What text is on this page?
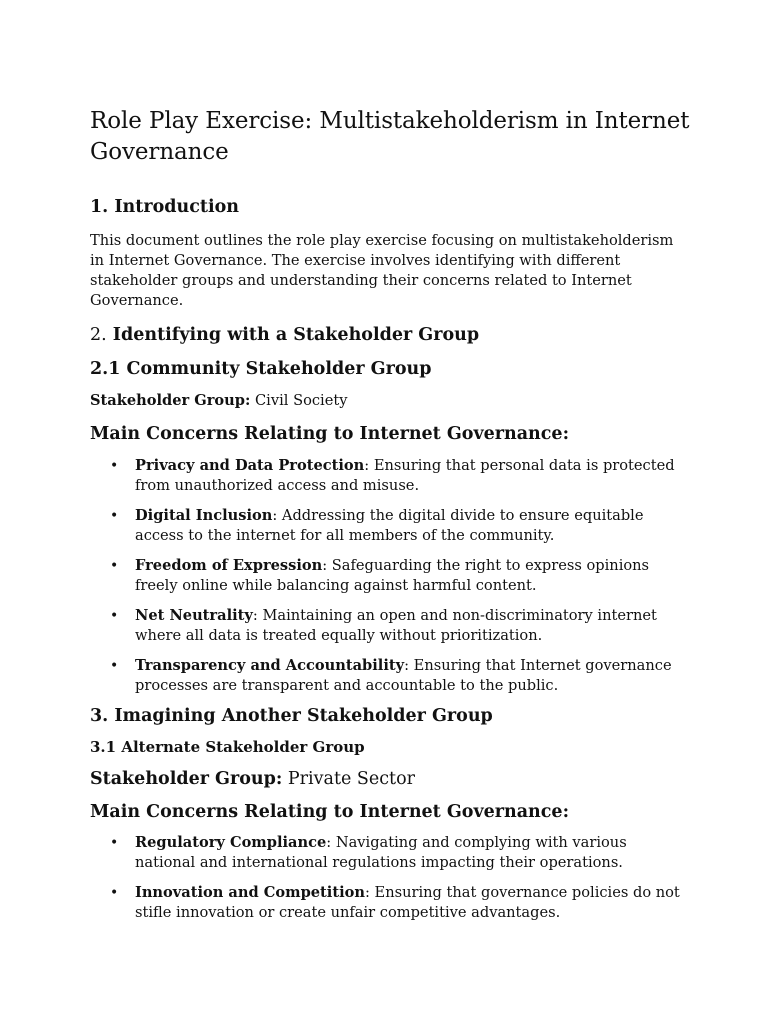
Role Play Exercise: Multistakeholderism in Internet Governance
1. Introduction

This document outlines the role play exercise focusing on multistakeholderism in Internet Governance. The exercise involves identifying with different stakeholder groups and understanding their concerns related to Internet Governance.

2. Identifying with a Stakeholder Group
2.1 Community Stakeholder Group

Stakeholder Group: Civil Society

Main Concerns Relating to Internet Governance:
• Privacy and Data Protection: Ensuring that personal data is protected from unauthorized access and misuse.
• Digital Inclusion: Addressing the digital divide to ensure equitable access to the internet for all members of the community.
• Freedom of Expression: Safeguarding the right to express opinions freely online while balancing against harmful content.
• Net Neutrality: Maintaining an open and non-discriminatory internet where all data is treated equally without prioritization.
• Transparency and Accountability: Ensuring that Internet governance processes are transparent and accountable to the public.
3. Imagining Another Stakeholder Group
3.1 Alternate Stakeholder Group

Stakeholder Group: Private Sector

Main Concerns Relating to Internet Governance:
• Regulatory Compliance: Navigating and complying with various national and international regulations impacting their operations.
• Innovation and Competition: Ensuring that governance policies do not stifle innovation or create unfair competitive advantages.
